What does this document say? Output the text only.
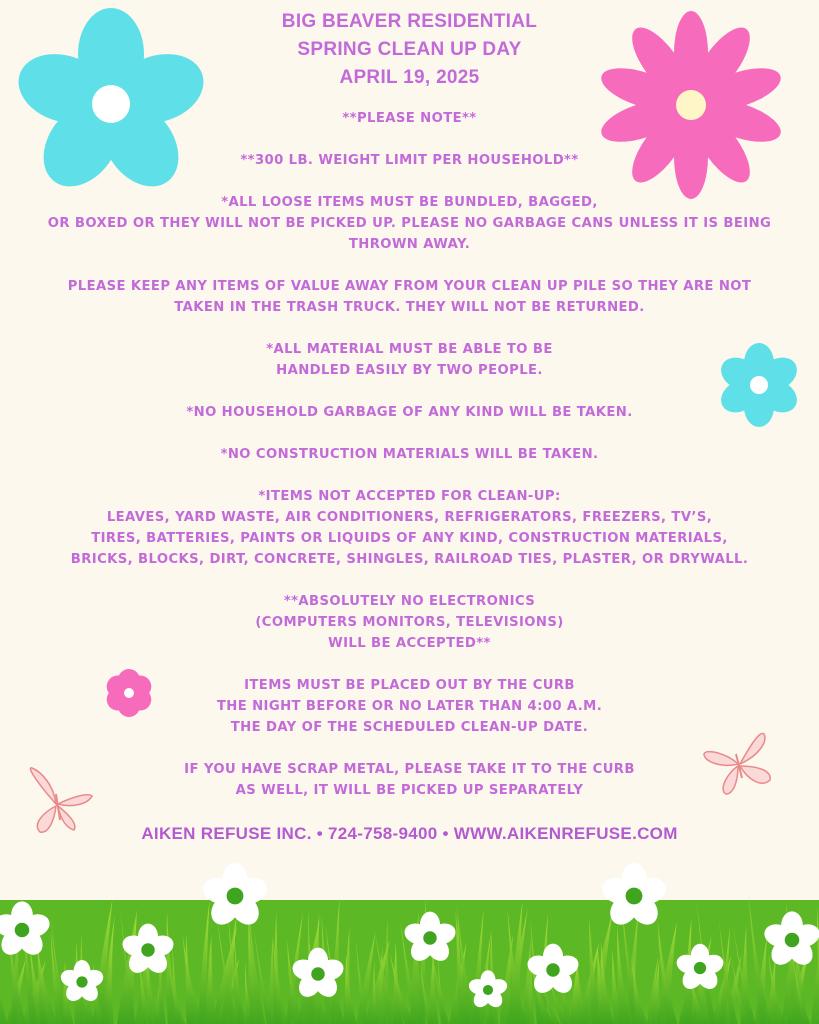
BIG BEAVER RESIDENTIAL
SPRING CLEAN UP DAY
APRIL 19, 2025

**PLEASE NOTE**

**300 LB. WEIGHT LIMIT PER HOUSEHOLD**

*ALL LOOSE ITEMS MUST BE BUNDLED, BAGGED,
OR BOXED OR THEY WILL NOT BE PICKED UP. PLEASE NO GARBAGE CANS UNLESS IT IS BEING
THROWN AWAY.

PLEASE KEEP ANY ITEMS OF VALUE AWAY FROM YOUR CLEAN UP PILE SO THEY ARE NOT
TAKEN IN THE TRASH TRUCK. THEY WILL NOT BE RETURNED.

*ALL MATERIAL MUST BE ABLE TO BE
HANDLED EASILY BY TWO PEOPLE.

*NO HOUSEHOLD GARBAGE OF ANY KIND WILL BE TAKEN.

*NO CONSTRUCTION MATERIALS WILL BE TAKEN.

*ITEMS NOT ACCEPTED FOR CLEAN-UP:
LEAVES, YARD WASTE, AIR CONDITIONERS, REFRIGERATORS, FREEZERS, TV’S,
TIRES, BATTERIES, PAINTS OR LIQUIDS OF ANY KIND, CONSTRUCTION MATERIALS,
BRICKS, BLOCKS, DIRT, CONCRETE, SHINGLES, RAILROAD TIES, PLASTER, OR DRYWALL.

**ABSOLUTELY NO ELECTRONICS
(COMPUTERS MONITORS, TELEVISIONS)
WILL BE ACCEPTED**

ITEMS MUST BE PLACED OUT BY THE CURB
THE NIGHT BEFORE OR NO LATER THAN 4:00 A.M.
THE DAY OF THE SCHEDULED CLEAN-UP DATE.

IF YOU HAVE SCRAP METAL, PLEASE TAKE IT TO THE CURB
AS WELL, IT WILL BE PICKED UP SEPARATELY

AIKEN REFUSE INC. • 724-758-9400 • WWW.AIKENREFUSE.COM
